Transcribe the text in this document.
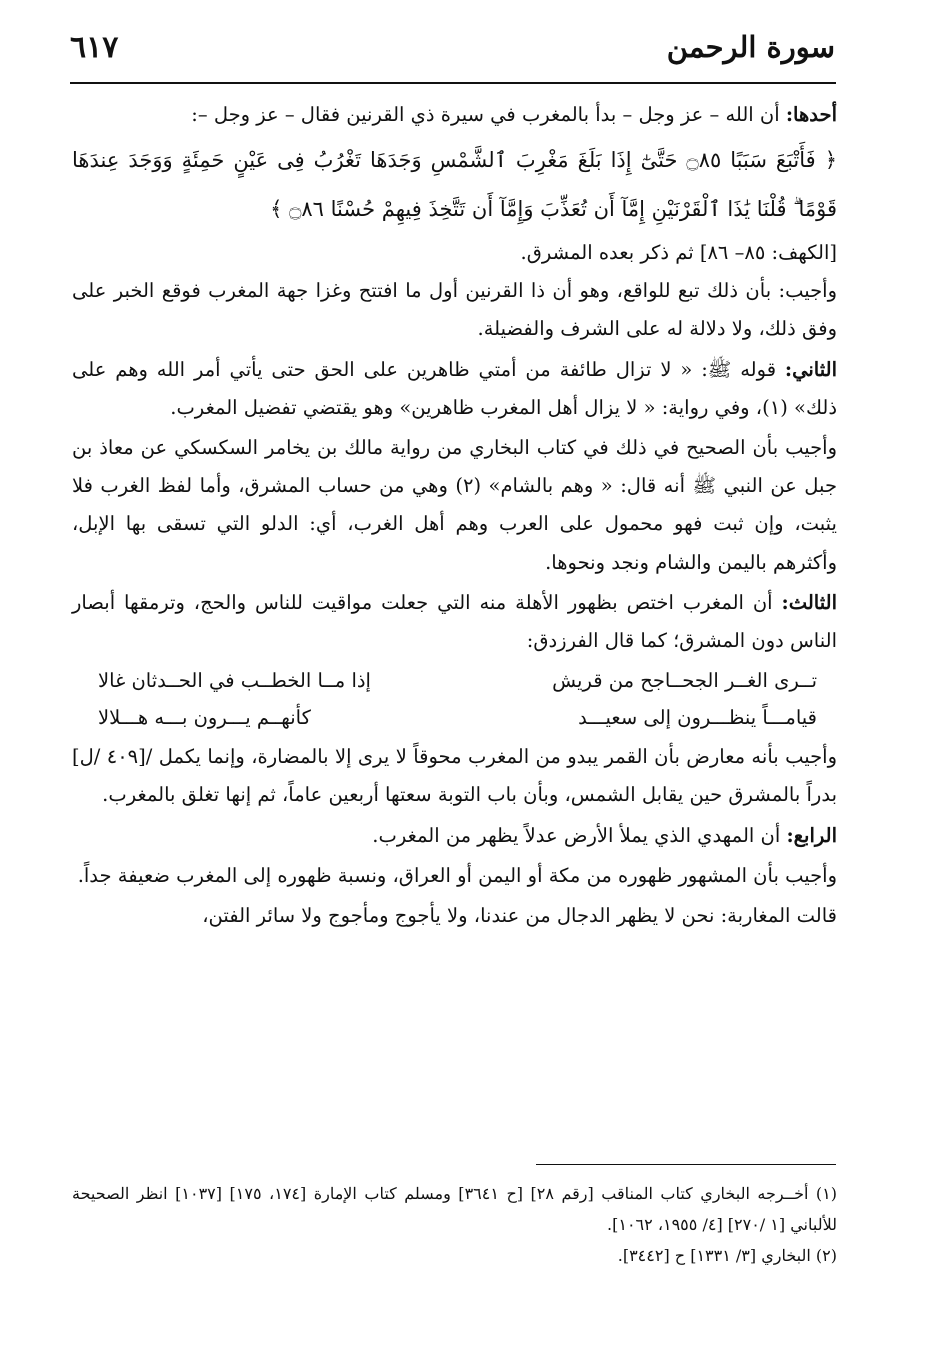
٦١٧	سورة الرحمن

أحدها: أن الله – عز وجل – بدأ بالمغرب في سيرة ذي القرنين فقال – عز وجل –:

﴿ فَأَتْبَعَ سَبَبًا ۝٨٥ حَتَّىٰٓ إِذَا بَلَغَ مَغْرِبَ ٱلشَّمْسِ وَجَدَهَا تَغْرُبُ فِى عَيْنٍ حَمِئَةٍ وَوَجَدَ عِندَهَا قَوْمًا ۗ قُلْنَا يَٰذَا ٱلْقَرْنَيْنِ إِمَّآ أَن تُعَذِّبَ وَإِمَّآ أَن تَتَّخِذَ فِيهِمْ حُسْنًا ۝٨٦ ﴾

[الكهف: ٨٥– ٨٦] ثم ذكر بعده المشرق.

وأجيب: بأن ذلك تبع للواقع، وهو أن ذا القرنين أول ما افتتح وغزا جهة المغرب فوقع الخبر على وفق ذلك، ولا دلالة له على الشرف والفضيلة.

الثاني: قوله ﷺ: « لا تزال طائفة من أمتي ظاهرين على الحق حتى يأتي أمر الله وهم على ذلك» (١)، وفي رواية: « لا يزال أهل المغرب ظاهرين» وهو يقتضي تفضيل المغرب.

وأجيب بأن الصحيح في ذلك في كتاب البخاري من رواية مالك بن يخامر السكسكي عن معاذ بن جبل عن النبي ﷺ أنه قال: « وهم بالشام» (٢) وهي من حساب المشرق، وأما لفظ الغرب فلا يثبت، وإن ثبت فهو محمول على العرب وهم أهل الغرب، أي: الدلو التي تسقى بها الإبل، وأكثرهم باليمن والشام ونجد ونحوها.

الثالث: أن المغرب اختص بظهور الأهلة منه التي جعلت مواقيت للناس والحج، وترمقها أبصار الناس دون المشرق؛ كما قال الفرزدق:

تــرى الغــر الجحــاجح من قريش
إذا مــا الخطــب في الحــدثان غالا
قيامـــاً ينظـــرون إلى سعيـــد
كأنهــم يـــرون بـــه هـــلالا

وأجيب بأنه معارض بأن القمر يبدو من المغرب محوقاً لا يرى إلا بالمضارة، وإنما يكمل /[٤٠٩ /ل] بدراً بالمشرق حين يقابل الشمس، وبأن باب التوبة سعتها أربعين عاماً، ثم إنها تغلق بالمغرب.

الرابع: أن المهدي الذي يملأ الأرض عدلاً يظهر من المغرب.

وأجيب بأن المشهور ظهوره من مكة أو اليمن أو العراق، ونسبة ظهوره إلى المغرب ضعيفة جداً.

قالت المغاربة: نحن لا يظهر الدجال من عندنا، ولا يأجوج ومأجوج ولا سائر الفتن،

(١) أخــرجه البخاري كتاب المناقب [رقم ٢٨] [ح ٣٦٤١] ومسلم كتاب الإمارة [١٧٤، ١٧٥] [١٠٣٧] انظر الصحيحة للألباني [١ /٢٧٠] [٤/ ١٩٥٥، ١٠٦٢].

(٢) البخاري [٣/ ١٣٣١] ح [٣٤٤٢].
